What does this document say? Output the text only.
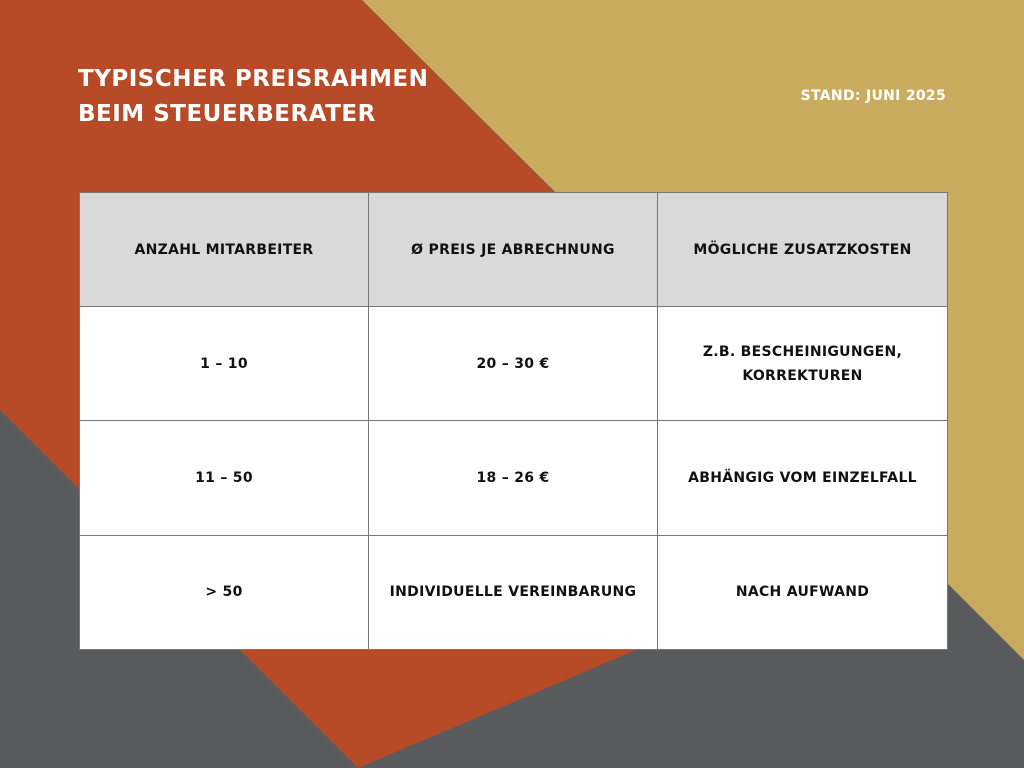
TYPISCHER PREISRAHMEN
BEIM STEUERBERATER
STAND: JUNI 2025
ANZAHL MITARBEITER	Ø PREIS JE ABRECHNUNG	MÖGLICHE ZUSATZKOSTEN
1 – 10	20 – 30 €	Z.B. BESCHEINIGUNGEN, KORREKTUREN
11 – 50	18 – 26 €	ABHÄNGIG VOM EINZELFALL
> 50	INDIVIDUELLE VEREINBARUNG	NACH AUFWAND
